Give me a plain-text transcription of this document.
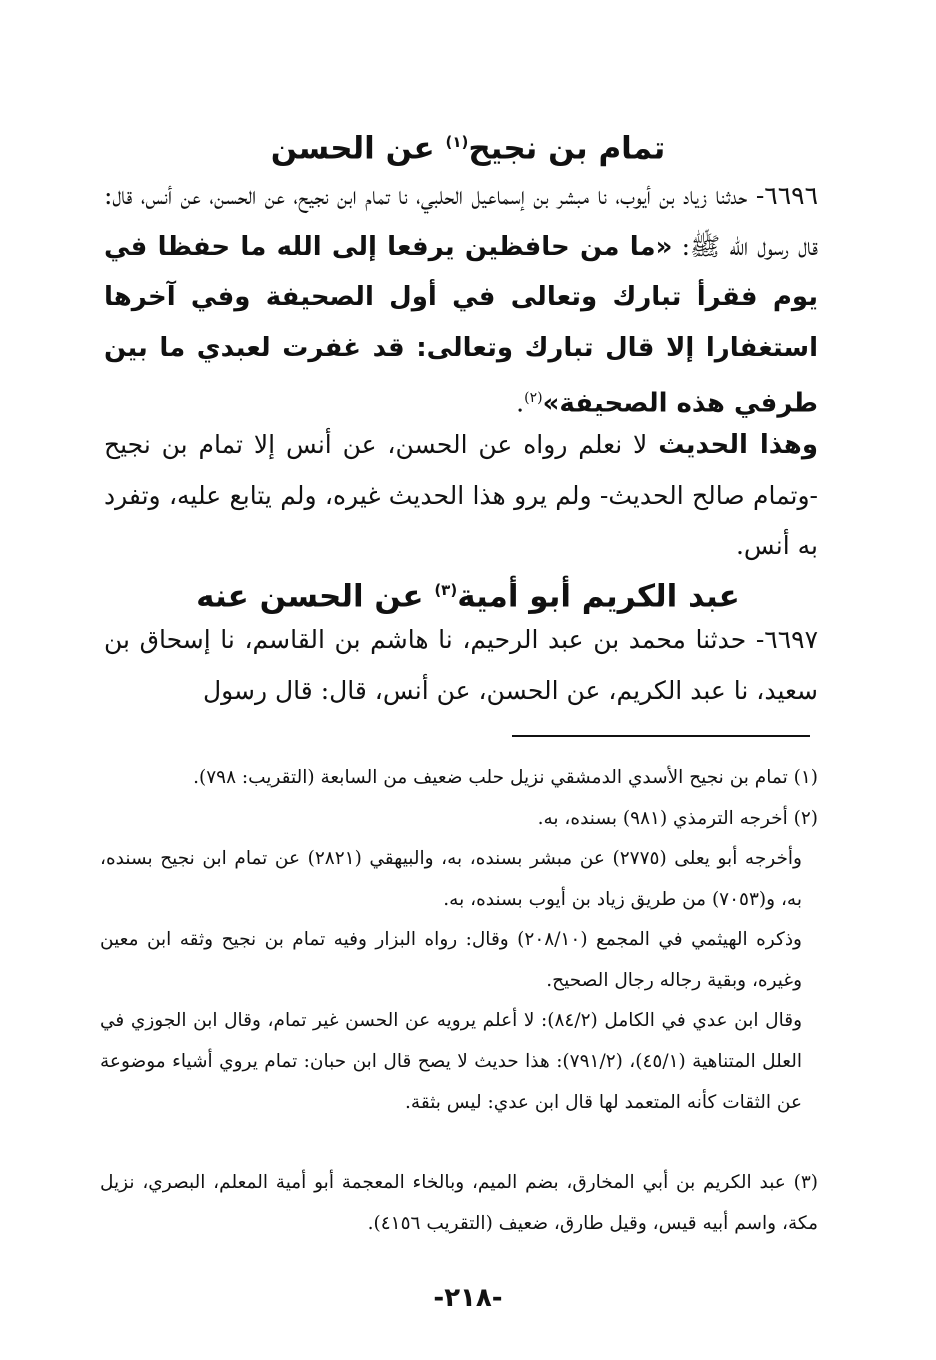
تمام بن نجيح$^{(١)}$ عن الحسن

٦٦٩٦- حدثنا زياد بن أيوب، نا مبشر بن إسماعيل الحلبي، نا تمام ابن نجيح، عن الحسن، عن أنس، قال: قال رسول الله ﷺ: «ما من حافظين يرفعا إلى الله ما حفظا في يوم فقرأ تبارك وتعالى في أول الصحيفة وفي آخرها استغفارا إلا قال تبارك وتعالى: قد غفرت لعبدي ما بين طرفي هذه الصحيفة»$^{(٢)}$.

وهذا الحديث لا نعلم رواه عن الحسن، عن أنس إلا تمام بن نجيح -وتمام صالح الحديث- ولم يرو هذا الحديث غيره، ولم يتابع عليه، وتفرد به أنس.

عبد الكريم أبو أمية$^{(٣)}$ عن الحسن عنه

٦٦٩٧- حدثنا محمد بن عبد الرحيم، نا هاشم بن القاسم، نا إسحاق بن سعيد، نا عبد الكريم، عن الحسن، عن أنس، قال: قال رسول

(١) تمام بن نجيح الأسدي الدمشقي نزيل حلب ضعيف من السابعة (التقريب: ٧٩٨).

(٢) أخرجه الترمذي (٩٨١) بسنده، به.

وأخرجه أبو يعلى (٢٧٧٥) عن مبشر بسنده، به، والبيهقي (٢٨٢١) عن تمام ابن نجيح بسنده، به، و(٧٠٥٣) من طريق زياد بن أيوب بسنده، به.

وذكره الهيثمي في المجمع (٢٠٨/١٠) وقال: رواه البزار وفيه تمام بن نجيح وثقه ابن معين وغيره، وبقية رجاله رجال الصحيح.

وقال ابن عدي في الكامل (٨٤/٢): لا أعلم يرويه عن الحسن غير تمام، وقال ابن الجوزي في العلل المتناهية (٤٥/١)، (٧٩١/٢): هذا حديث لا يصح قال ابن حبان: تمام يروي أشياء موضوعة عن الثقات كأنه المتعمد لها قال ابن عدي: ليس بثقة.

(٣) عبد الكريم بن أبي المخارق، بضم الميم، وبالخاء المعجمة أبو أمية المعلم، البصري، نزيل مكة، واسم أبيه قيس، وقيل طارق، ضعيف (التقريب ٤١٥٦).

-٢١٨-
